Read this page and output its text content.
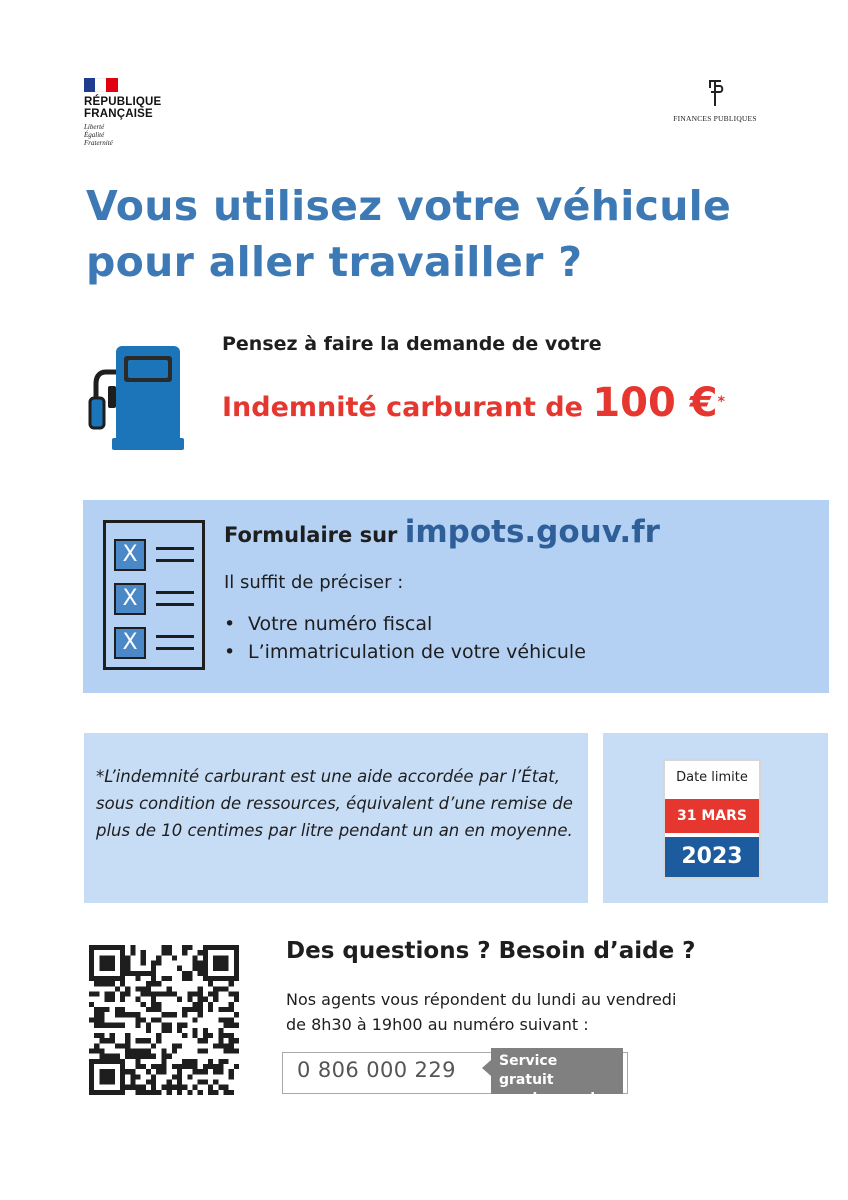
RÉPUBLIQUE FRANÇAISE
Liberté
Égalité
Fraternité
FINANCES PUBLIQUES
Vous utilisez votre véhicule
pour aller travailler ?
Pensez à faire la demande de votre
Indemnité carburant de 100 €*
X
X
X
Formulaire sur impots.gouv.fr
Il suffit de préciser :
• Votre numéro fiscal
• L’immatriculation de votre véhicule
*L’indemnité carburant est une aide accordée par l’État, sous condition de ressources, équivalent d’une remise de plus de 10 centimes par litre pendant un an en moyenne.
Date limite
31 MARS
2023
Des questions ? Besoin d’aide ?
Nos agents vous répondent du lundi au vendredi
de 8h30 à 19h00 au numéro suivant :
0 806 000 229	Service gratuit
+ prix appel
